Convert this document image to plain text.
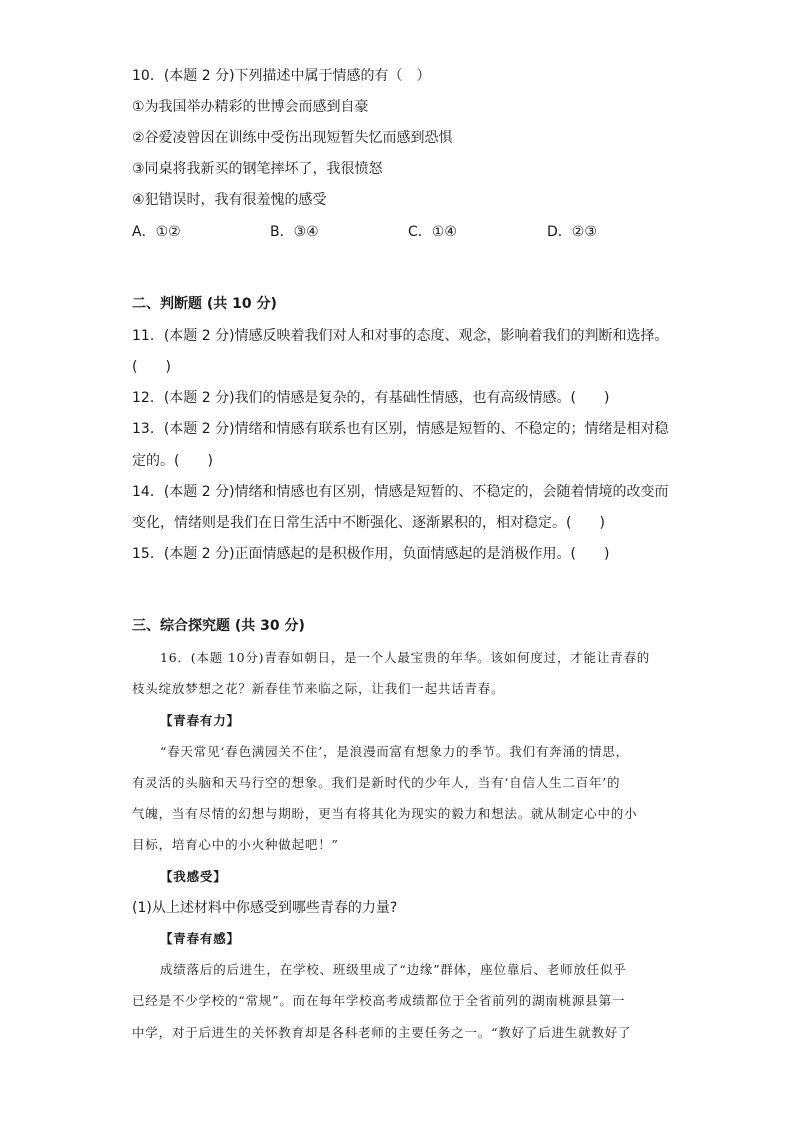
10．(本题 2 分)下列描述中属于情感的有（　）
①为我国举办精彩的世博会而感到自豪
②谷爱凌曾因在训练中受伤出现短暂失忆而感到恐惧
③同桌将我新买的钢笔摔坏了，我很愤怒
④犯错误时，我有很羞愧的感受
A．①②	B．③④	C．①④	D．②③
二、判断题 (共 10 分)
11．(本题 2 分)情感反映着我们对人和对事的态度、观念，影响着我们的判断和选择。
(　　)
12．(本题 2 分)我们的情感是复杂的，有基础性情感，也有高级情感。(　　)
13．(本题 2 分)情绪和情感有联系也有区别，情感是短暂的、不稳定的；情绪是相对稳
定的。(　　)
14．(本题 2 分)情绪和情感也有区别，情感是短暂的、不稳定的，会随着情境的改变而
变化，情绪则是我们在日常生活中不断强化、逐渐累积的，相对稳定。(　　)
15．(本题 2 分)正面情感起的是积极作用，负面情感起的是消极作用。(　　)
三、综合探究题 (共 30 分)
16．(本题 10分)青春如朝日，是一个人最宝贵的年华。该如何度过，才能让青春的
枝头绽放梦想之花？新春佳节来临之际，让我们一起共话青春。
【青春有力】
“春天常见‘春色满园关不住’，是浪漫而富有想象力的季节。我们有奔涌的情思，
有灵活的头脑和天马行空的想象。我们是新时代的少年人，当有‘自信人生二百年’的
气魄，当有尽情的幻想与期盼，更当有将其化为现实的毅力和想法。就从制定心中的小
目标，培育心中的小火种做起吧！”
【我感受】
(1)从上述材料中你感受到哪些青春的力量?
【青春有感】
成绩落后的后进生，在学校、班级里成了“边缘”群体，座位靠后、老师放任似乎
已经是不少学校的“常规”。而在每年学校高考成绩都位于全省前列的湖南桃源县第一
中学，对于后进生的关怀教育却是各科老师的主要任务之一。“教好了后进生就教好了
